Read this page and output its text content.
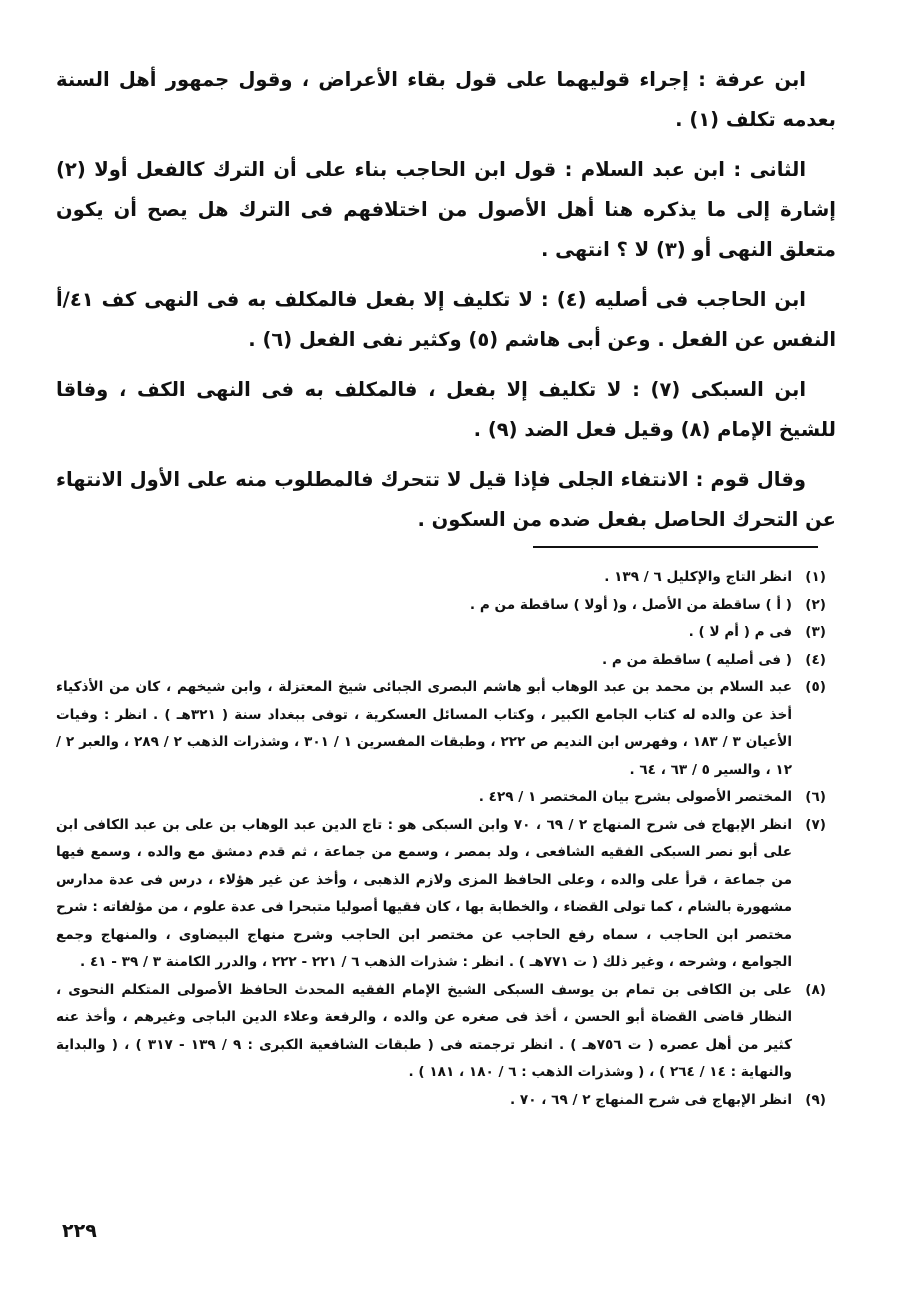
ابن عرفة : إجراء قوليهما على قول بقاء الأعراض ، وقول جمهور أهل السنة بعدمه تكلف (١) .

الثانى : ابن عبد السلام : قول ابن الحاجب بناء على أن الترك كالفعل أولا (٢) إشارة إلى ما يذكره هنا أهل الأصول من اختلافهم فى الترك هل يصح أن يكون متعلق النهى أو (٣) لا ؟ انتهى .

ابن الحاجب فى أصليه (٤) : لا تكليف إلا بفعل فالمكلف به فى النهى كف ٤١/أ النفس عن الفعل . وعن أبى هاشم (٥) وكثير نفى الفعل (٦) .

ابن السبكى (٧) : لا تكليف إلا بفعل ، فالمكلف به فى النهى الكف ، وفاقا للشيخ الإمام (٨) وقيل فعل الضد (٩) .

وقال قوم : الانتفاء الجلى فإذا قيل لا تتحرك فالمطلوب منه على الأول الانتهاء عن التحرك الحاصل بفعل ضده من السكون .

(١)
انظر التاج والإكليل ٦ / ١٣٩ .
(٢)
( أ ) ساقطة من الأصل ، و( أولا ) ساقطة من م .
(٣)
فى م ( أم لا ) .
(٤)
( فى أصليه ) ساقطة من م .
(٥)
عبد السلام بن محمد بن عبد الوهاب أبو هاشم البصرى الجبائى شيخ المعتزلة ، وابن شيخهم ، كان من الأذكياء أخذ عن والده له كتاب الجامع الكبير ، وكتاب المسائل العسكرية ، توفى ببغداد سنة ( ٣٢١هـ ) . انظر : وفيات الأعيان ٣ / ١٨٣ ، وفهرس ابن النديم ص ٢٢٢ ، وطبقات المفسرين ١ / ٣٠١ ، وشذرات الذهب ٢ / ٢٨٩ ، والعبر ٢ / ١٢ ، والسير ٥ / ٦٣ ، ٦٤ .
(٦)
المختصر الأصولى بشرح بيان المختصر ١ / ٤٢٩ .
(٧)
انظر الإبهاج فى شرح المنهاج ٢ / ٦٩ ، ٧٠ وابن السبكى هو : تاج الدين عبد الوهاب بن على بن عبد الكافى ابن على أبو نصر السبكى الفقيه الشافعى ، ولد بمصر ، وسمع من جماعة ، ثم قدم دمشق مع والده ، وسمع فيها من جماعة ، قرأ على والده ، وعلى الحافظ المزى ولازم الذهبى ، وأخذ عن غير هؤلاء ، درس فى عدة مدارس مشهورة بالشام ، كما تولى القضاء ، والخطابة بها ، كان فقيها أصوليا متبحرا فى عدة علوم ، من مؤلفاته : شرح مختصر ابن الحاجب ، سماه رفع الحاجب عن مختصر ابن الحاجب وشرح منهاج البيضاوى ، والمنهاج وجمع الجوامع ، وشرحه ، وغير ذلك ( ت ٧٧١هـ ) . انظر : شذرات الذهب ٦ / ٢٢١ - ٢٢٢ ، والدرر الكامنة ٣ / ٣٩ - ٤١ .
(٨)
على بن الكافى بن تمام بن يوسف السبكى الشيخ الإمام الفقيه المحدث الحافظ الأصولى المتكلم النحوى ، النظار قاضى القضاة أبو الحسن ، أخذ فى صغره عن والده ، والرفعة وعلاء الدين الباجى وغيرهم ، وأخذ عنه كثير من أهل عصره ( ت ٧٥٦هـ ) . انظر ترجمته فى ( طبقات الشافعية الكبرى : ٩ / ١٣٩ - ٣١٧ ) ، ( والبداية والنهاية : ١٤ / ٢٦٤ ) ، ( وشذرات الذهب : ٦ / ١٨٠ ، ١٨١ ) .
(٩)
انظر الإبهاج فى شرح المنهاج ٢ / ٦٩ ، ٧٠ .
٢٢٩
